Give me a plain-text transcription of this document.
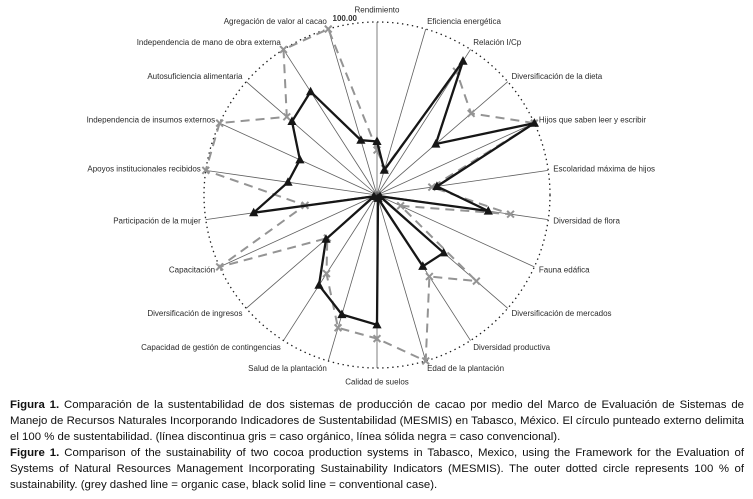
Rendimiento
Eficiencia energética
Relación I/Cp
Diversificación de la dieta
Hijos que saben leer y escribir
Escolaridad máxima de hijos
Diversidad de flora
Fauna edáfica
Diversificación de mercados
Diversidad productiva
Edad de la plantación
Calidad de suelos
Salud de la plantación
Capacidad de gestión de contingencias
Diversificación de ingresos
Capacitación
Participación de la mujer
Apoyos institucionales recibidos
Independencia de insumos externos
Autosuficiencia alimentaria
Independencia de mano de obra externa
Agregación de valor al cacao 100.00

Figura 1. Comparación de la sustentabilidad de dos sistemas de producción de cacao por medio del Marco de Evaluación de Sistemas de Manejo de Recursos Naturales Incorporando Indicadores de Sustentabilidad (MESMIS) en Tabasco, México. El círculo punteado externo delimita el 100 % de sustentabilidad. (línea discontinua gris = caso orgánico, línea sólida negra = caso convencional).

Figure 1. Comparison of the sustainability of two cocoa production systems in Tabasco, Mexico, using the Framework for the Evaluation of Systems of Natural Resources Management Incorporating Sustainability Indicators (MESMIS). The outer dotted circle represents 100 % of sustainability. (grey dashed line = organic case, black solid line = conventional case).
